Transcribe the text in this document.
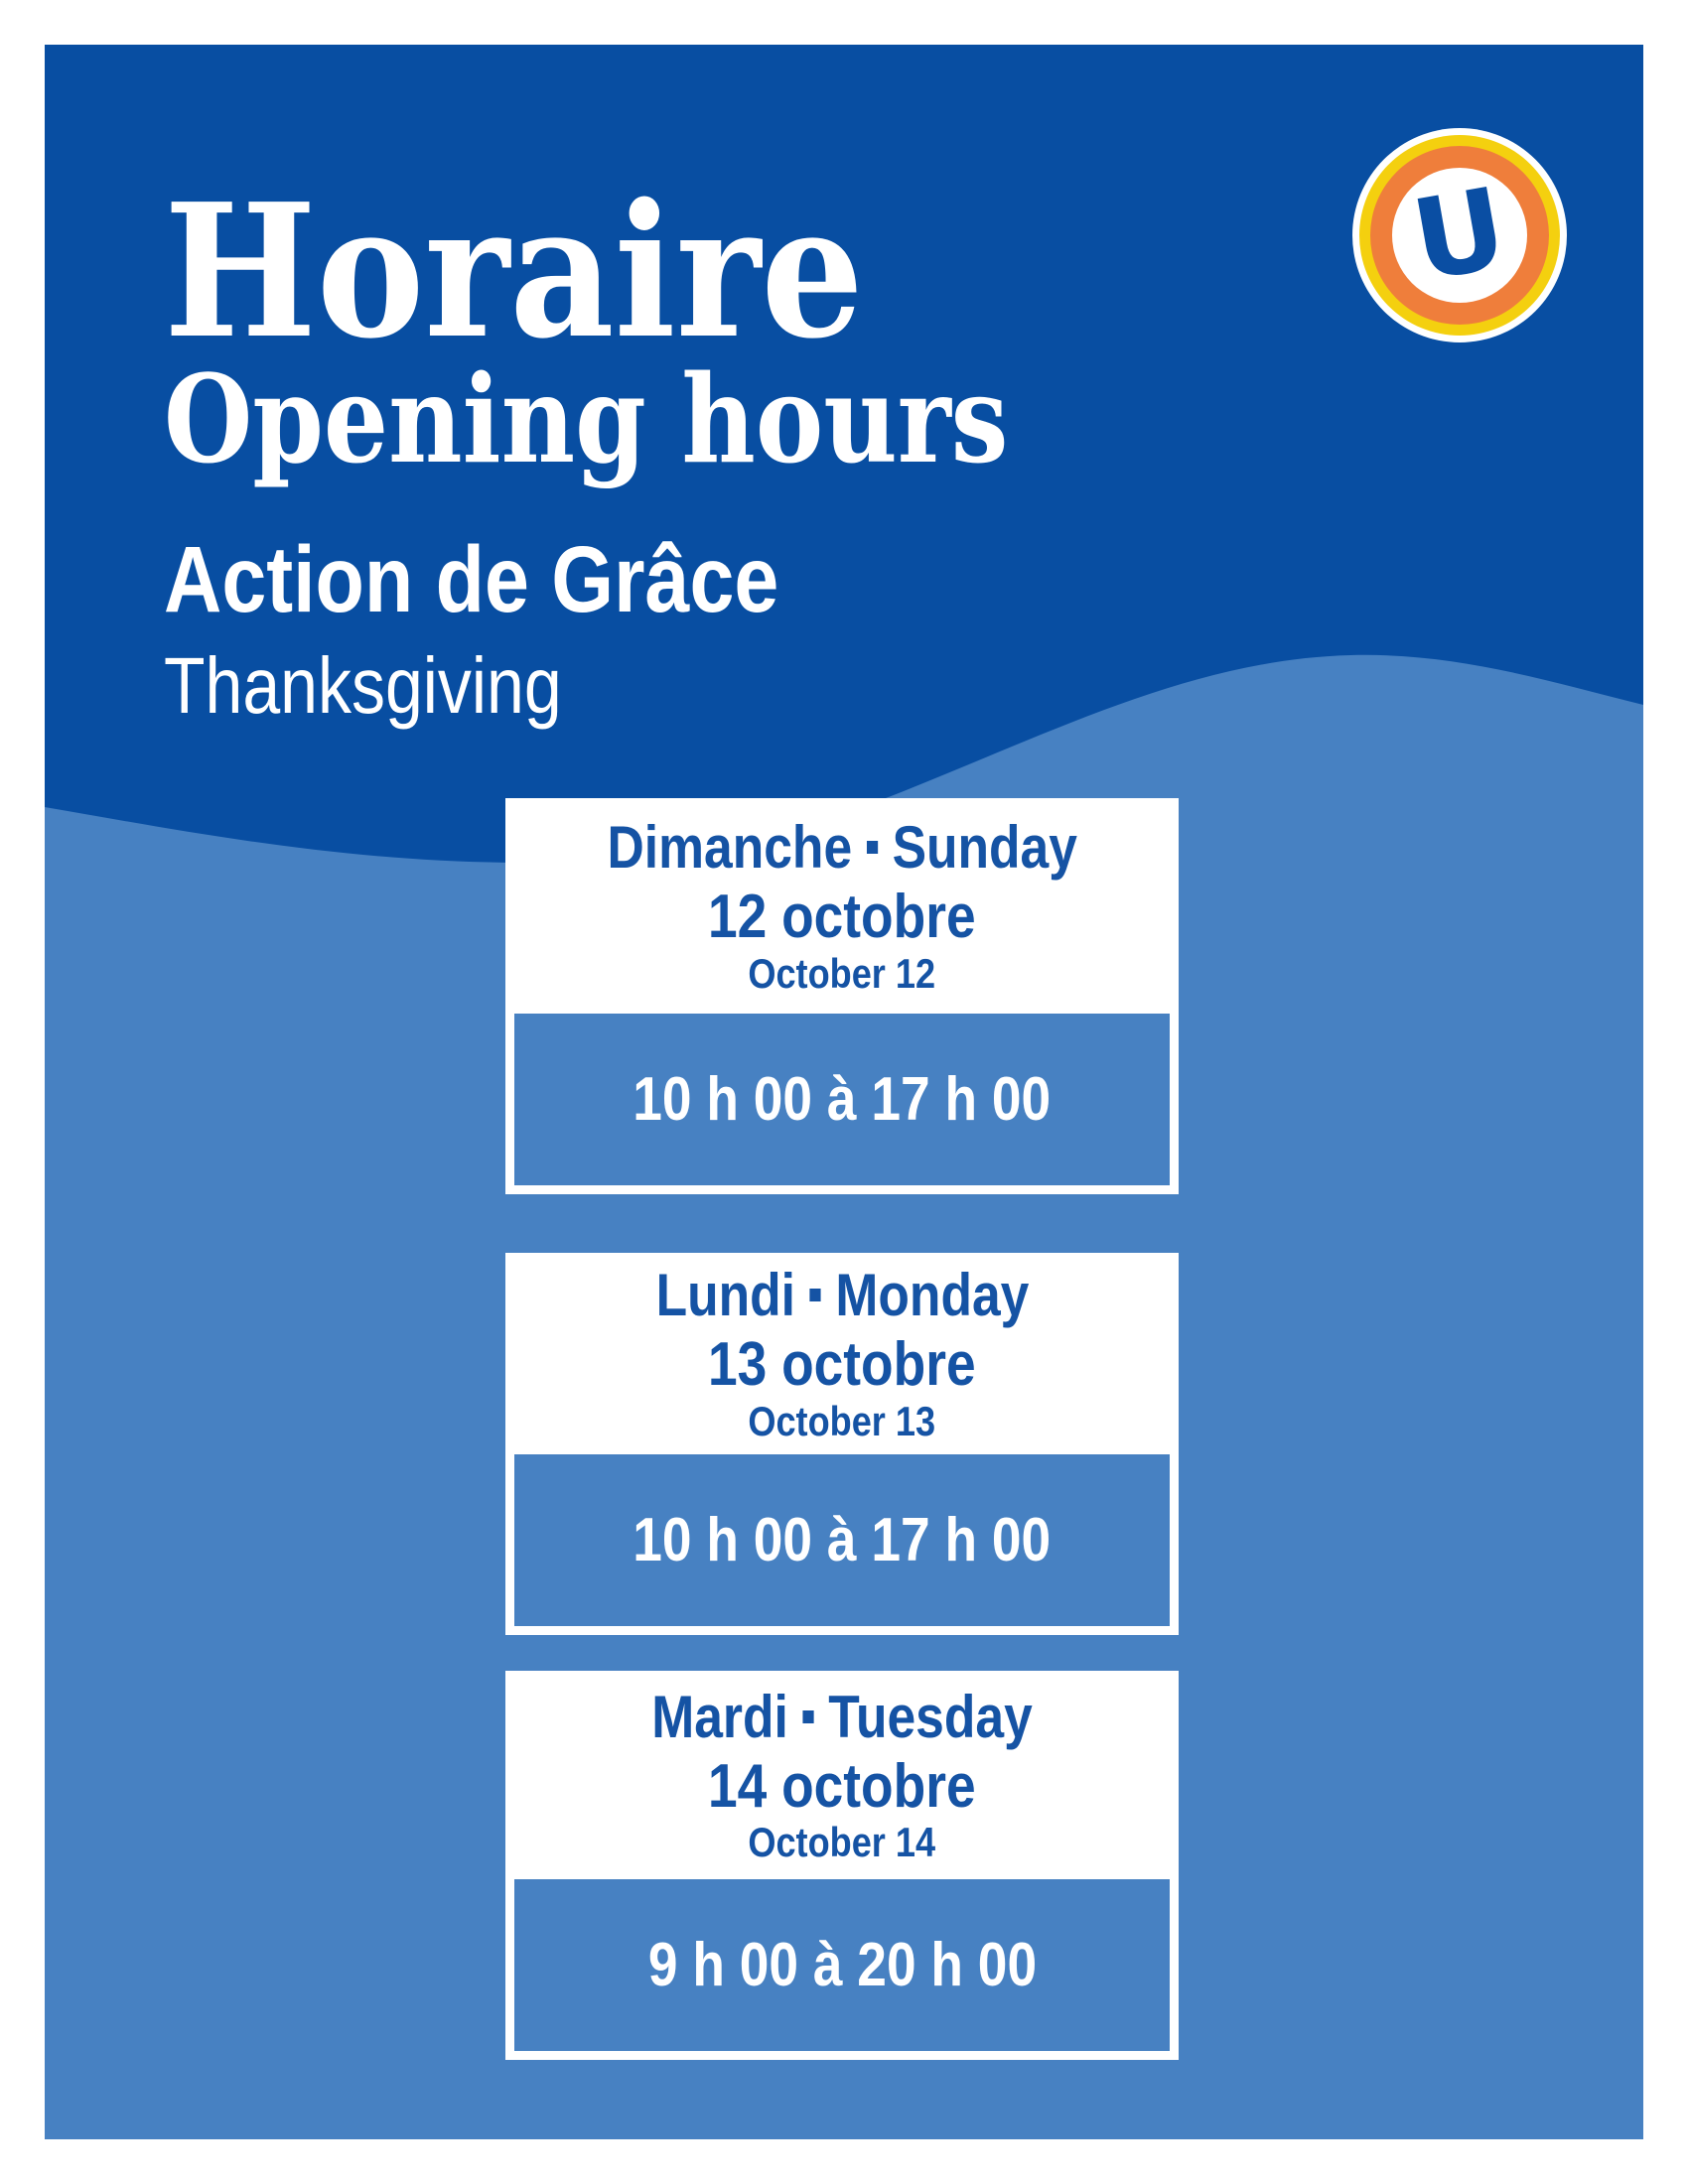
Horaire
Opening hours
Action de Grâce
Thanksgiving
U
Dimanche Sunday
12 octobre
October 12
10 h 00 à 17 h 00
Lundi Monday
13 octobre
October 13
10 h 00 à 17 h 00
Mardi Tuesday
14 octobre
October 14
9 h 00 à 20 h 00
